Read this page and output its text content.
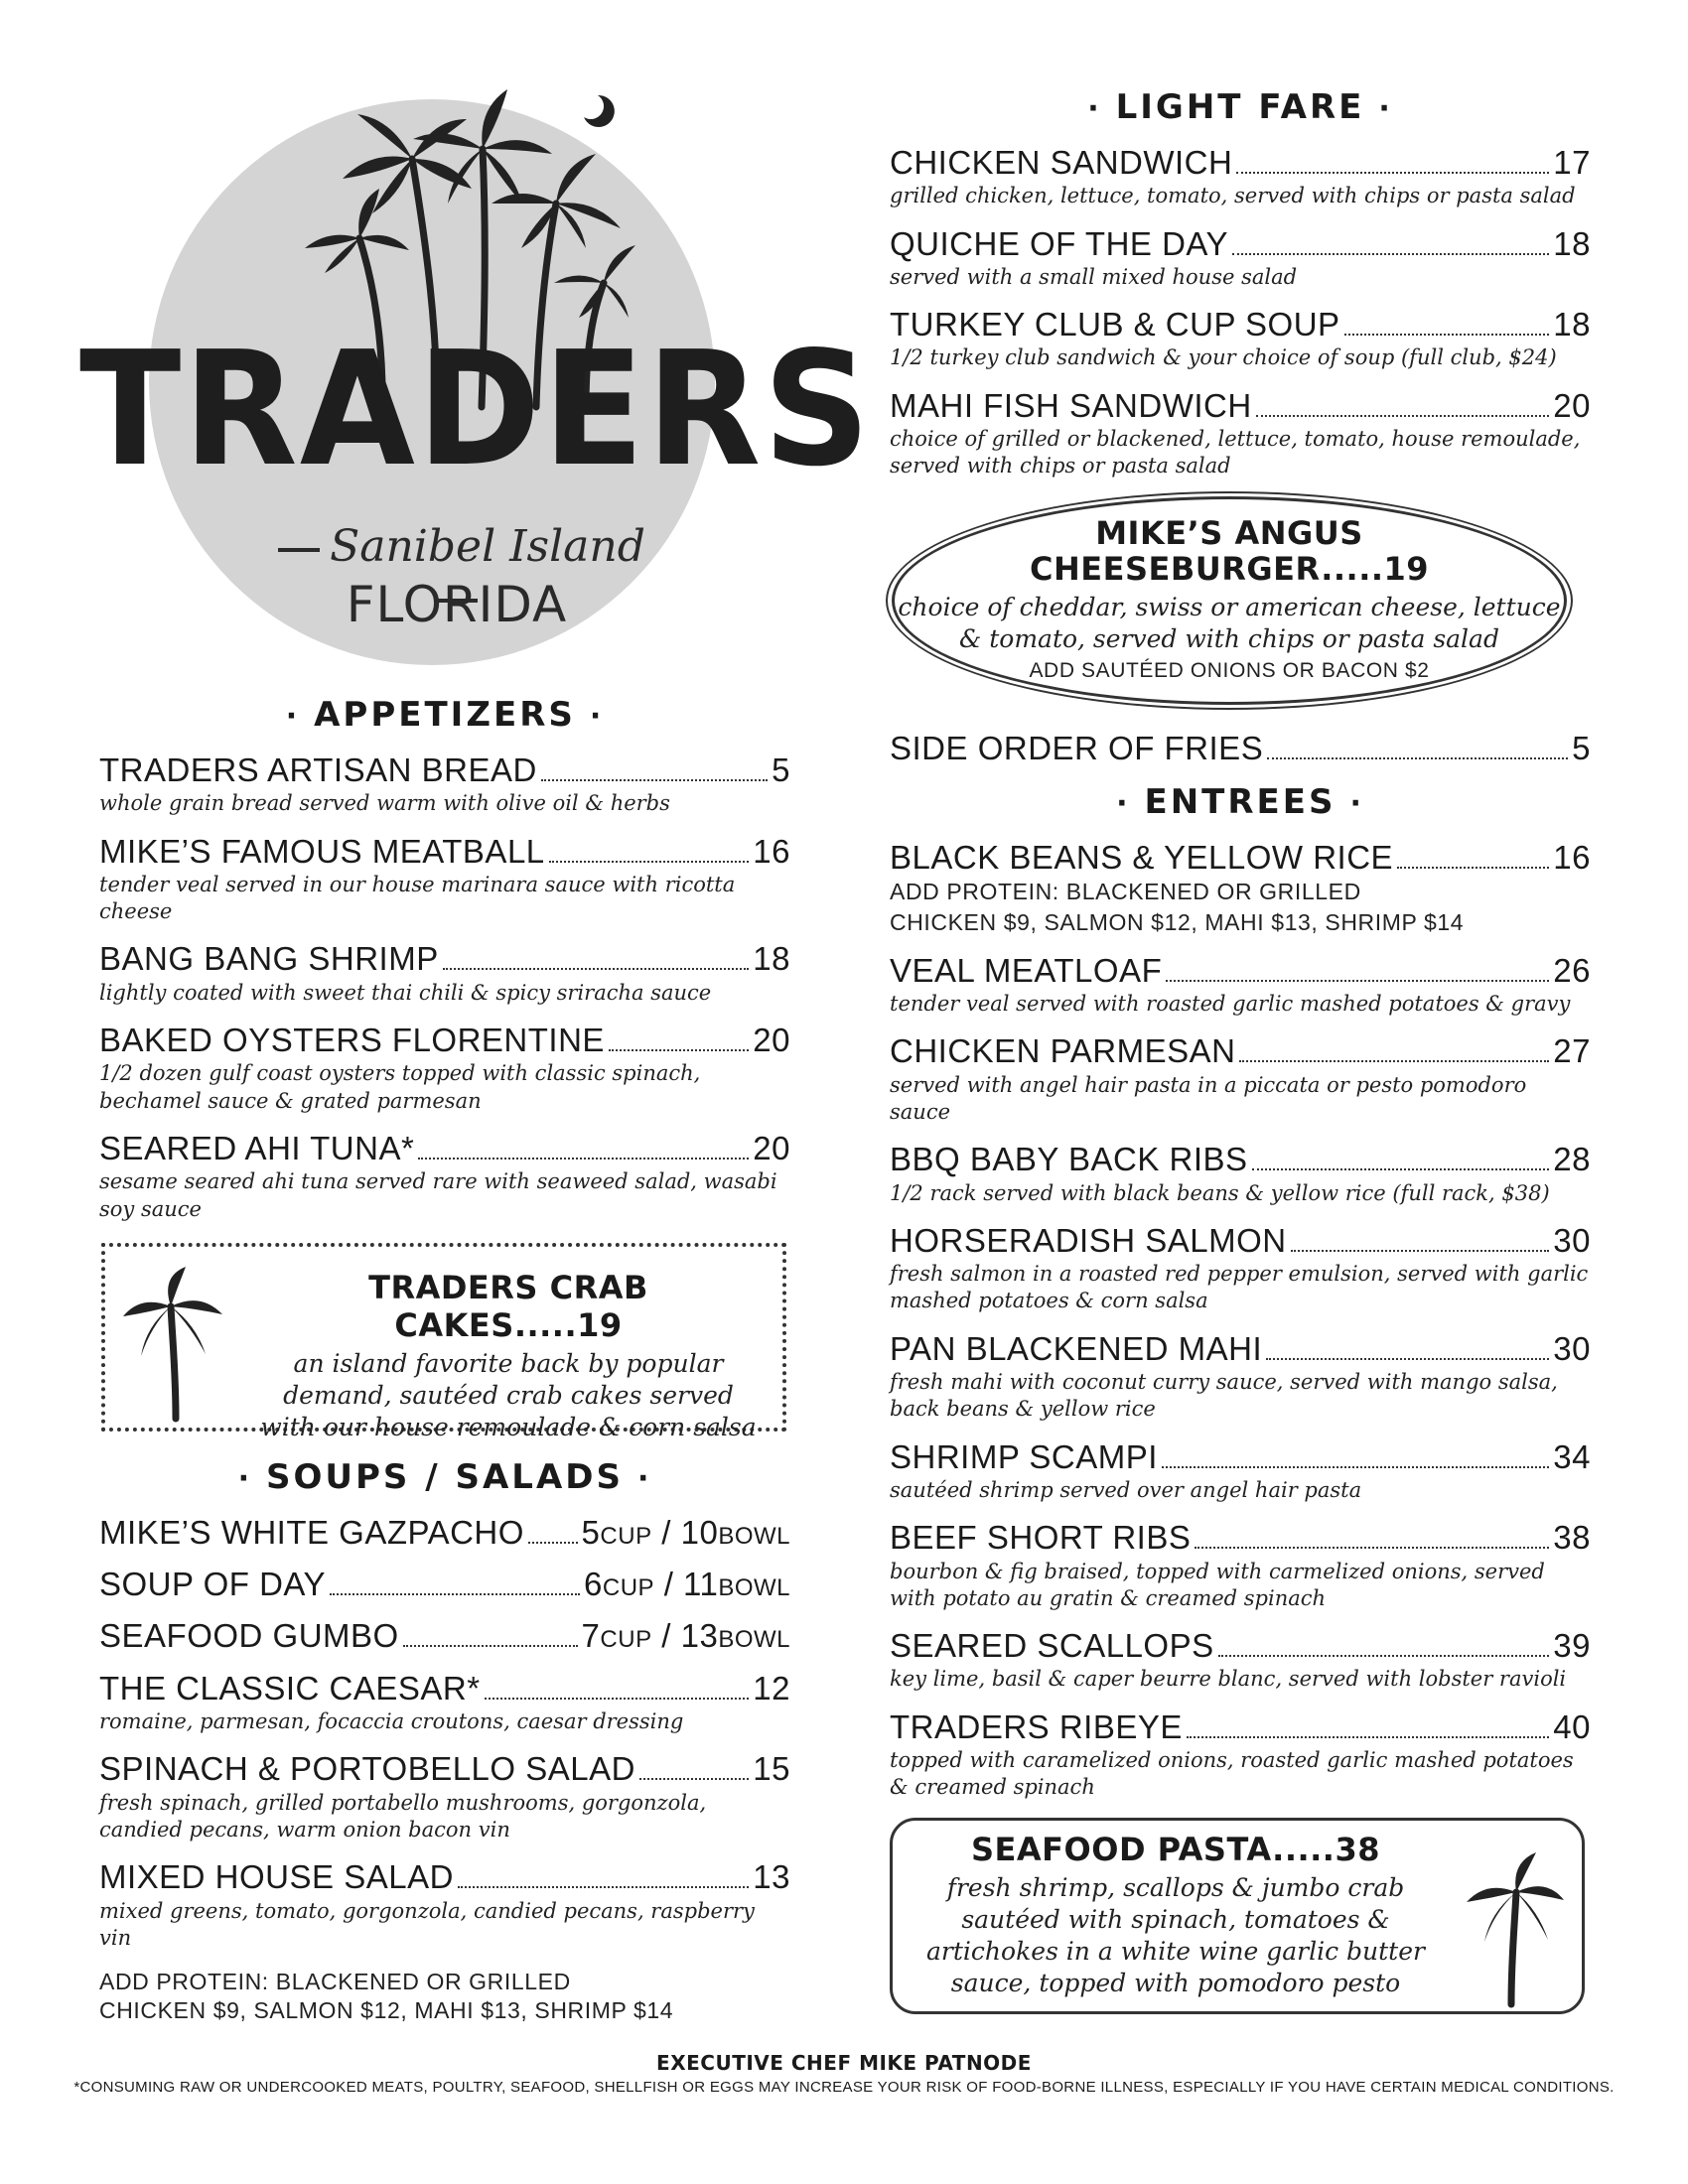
TRADERS
Sanibel Island
FLORIDA
· APPETIZERS ·
TRADERS ARTISAN BREAD	5
whole grain bread served warm with olive oil & herbs
MIKE’S FAMOUS MEATBALL	16
tender veal served in our house marinara sauce with ricotta cheese
BANG BANG SHRIMP	18
lightly coated with sweet thai chili & spicy sriracha sauce
BAKED OYSTERS FLORENTINE	20
1/2 dozen gulf coast oysters topped with classic spinach, bechamel sauce & grated parmesan
SEARED AHI TUNA*	20
sesame seared ahi tuna served rare with seaweed salad, wasabi soy sauce
TRADERS CRAB CAKES.....19
an island favorite back by popular demand, sautéed crab cakes served with our house remoulade & corn salsa
· SOUPS / SALADS ·
MIKE’S WHITE GAZPACHO 5CUP / 10BOWL
SOUP OF DAY	6CUP / 11BOWL
SEAFOOD GUMBO	7CUP / 13BOWL
THE CLASSIC CAESAR*	12
romaine, parmesan, focaccia croutons, caesar dressing
SPINACH & PORTOBELLO SALAD	15
fresh spinach, grilled portabello mushrooms, gorgonzola, candied pecans, warm onion bacon vin
MIXED HOUSE SALAD	13
mixed greens, tomato, gorgonzola, candied pecans, raspberry vin
ADD PROTEIN: BLACKENED OR GRILLED
CHICKEN $9, SALMON $12, MAHI $13, SHRIMP $14
· LIGHT FARE ·
CHICKEN SANDWICH	17
grilled chicken, lettuce, tomato, served with chips or pasta salad
QUICHE OF THE DAY	18
served with a small mixed house salad
TURKEY CLUB & CUP SOUP	18
1/2 turkey club sandwich & your choice of soup (full club, $24)
MAHI FISH SANDWICH	20
choice of grilled or blackened, lettuce, tomato, house remoulade, served with chips or pasta salad
MIKE’S ANGUS
CHEESEBURGER.....19
choice of cheddar, swiss or american cheese, lettuce & tomato, served with chips or pasta salad
ADD SAUTÉED ONIONS OR BACON $2
SIDE ORDER OF FRIES	5
· ENTREES ·
BLACK BEANS & YELLOW RICE	16
ADD PROTEIN: BLACKENED OR GRILLED
CHICKEN $9, SALMON $12, MAHI $13, SHRIMP $14
VEAL MEATLOAF	26
tender veal served with roasted garlic mashed potatoes & gravy
CHICKEN PARMESAN	27
served with angel hair pasta in a piccata or pesto pomodoro sauce
BBQ BABY BACK RIBS	28
1/2 rack served with black beans & yellow rice (full rack, $38)
HORSERADISH SALMON	30
fresh salmon in a roasted red pepper emulsion, served with garlic mashed potatoes & corn salsa
PAN BLACKENED MAHI	30
fresh mahi with coconut curry sauce, served with mango salsa, back beans & yellow rice
SHRIMP SCAMPI	34
sautéed shrimp served over angel hair pasta
BEEF SHORT RIBS	38
bourbon & fig braised, topped with carmelized onions, served with potato au gratin & creamed spinach
SEARED SCALLOPS	39
key lime, basil & caper beurre blanc, served with lobster ravioli
TRADERS RIBEYE	40
topped with caramelized onions, roasted garlic mashed potatoes & creamed spinach
SEAFOOD PASTA.....38
fresh shrimp, scallops & jumbo crab sautéed with spinach, tomatoes & artichokes in a white wine garlic butter sauce, topped with pomodoro pesto
EXECUTIVE CHEF MIKE PATNODE
*CONSUMING RAW OR UNDERCOOKED MEATS, POULTRY, SEAFOOD, SHELLFISH OR EGGS MAY INCREASE YOUR RISK OF FOOD-BORNE ILLNESS, ESPECIALLY IF YOU HAVE CERTAIN MEDICAL CONDITIONS.
